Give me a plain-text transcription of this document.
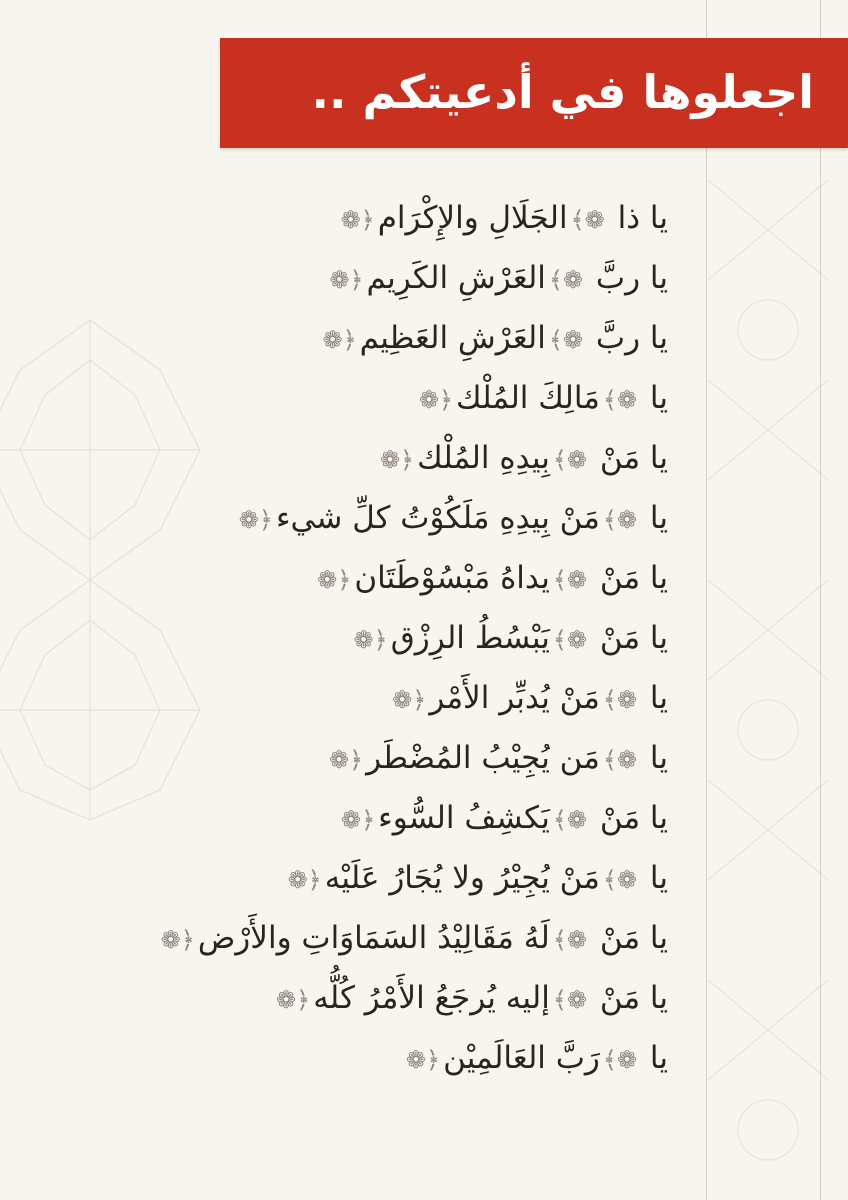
اجعلوها في أدعيتكم ..
يا ذا ❁﴾الجَلَالِ والإِكْرَام﴿❁
يا ربَّ ❁﴾العَرْشِ الكَرِيم﴿❁
يا ربَّ ❁﴾العَرْشِ العَظِيم﴿❁
يا ❁﴾مَالِكَ المُلْك﴿❁
يا مَنْ ❁﴾بِيدِهِ المُلْك﴿❁
يا ❁﴾مَنْ بِيدِهِ مَلَكُوْتُ كلِّ شيء﴿❁
يا مَنْ ❁﴾يداهُ مَبْسُوْطَتَان﴿❁
يا مَنْ ❁﴾يَبْسُطُ الرِزْق﴿❁
يا ❁﴾مَنْ يُدبِّر الأَمْر﴿❁
يا ❁﴾مَن يُجِيْبُ المُضْطَر﴿❁
يا مَنْ ❁﴾يَكشِفُ السُّوء﴿❁
يا ❁﴾مَنْ يُجِيْرُ ولا يُجَارُ عَلَيْه﴿❁
يا مَنْ ❁﴾لَهُ مَقَالِيْدُ السَمَاوَاتِ والأَرْض﴿❁
يا مَنْ ❁﴾إليه يُرجَعُ الأَمْرُ كُلُّه﴿❁
يا ❁﴾رَبَّ العَالَمِيْن﴿❁
